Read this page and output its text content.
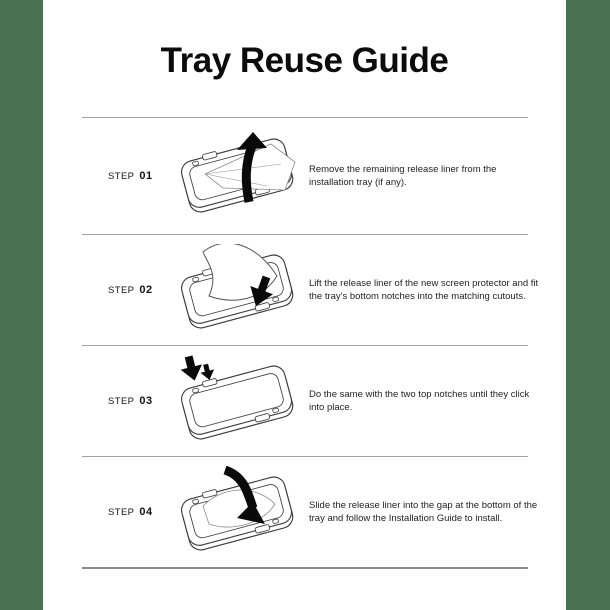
Tray Reuse Guide
STEP 01
Remove the remaining release liner from the installation tray (if any).
STEP 02
Lift the release liner of the new screen protector and fit the tray's bottom notches into the matching cutouts.
STEP 03
Do the same with the two top notches until they click into place.
STEP 04
Slide the release liner into the gap at the bottom of the tray and follow the Installation Guide to install.
